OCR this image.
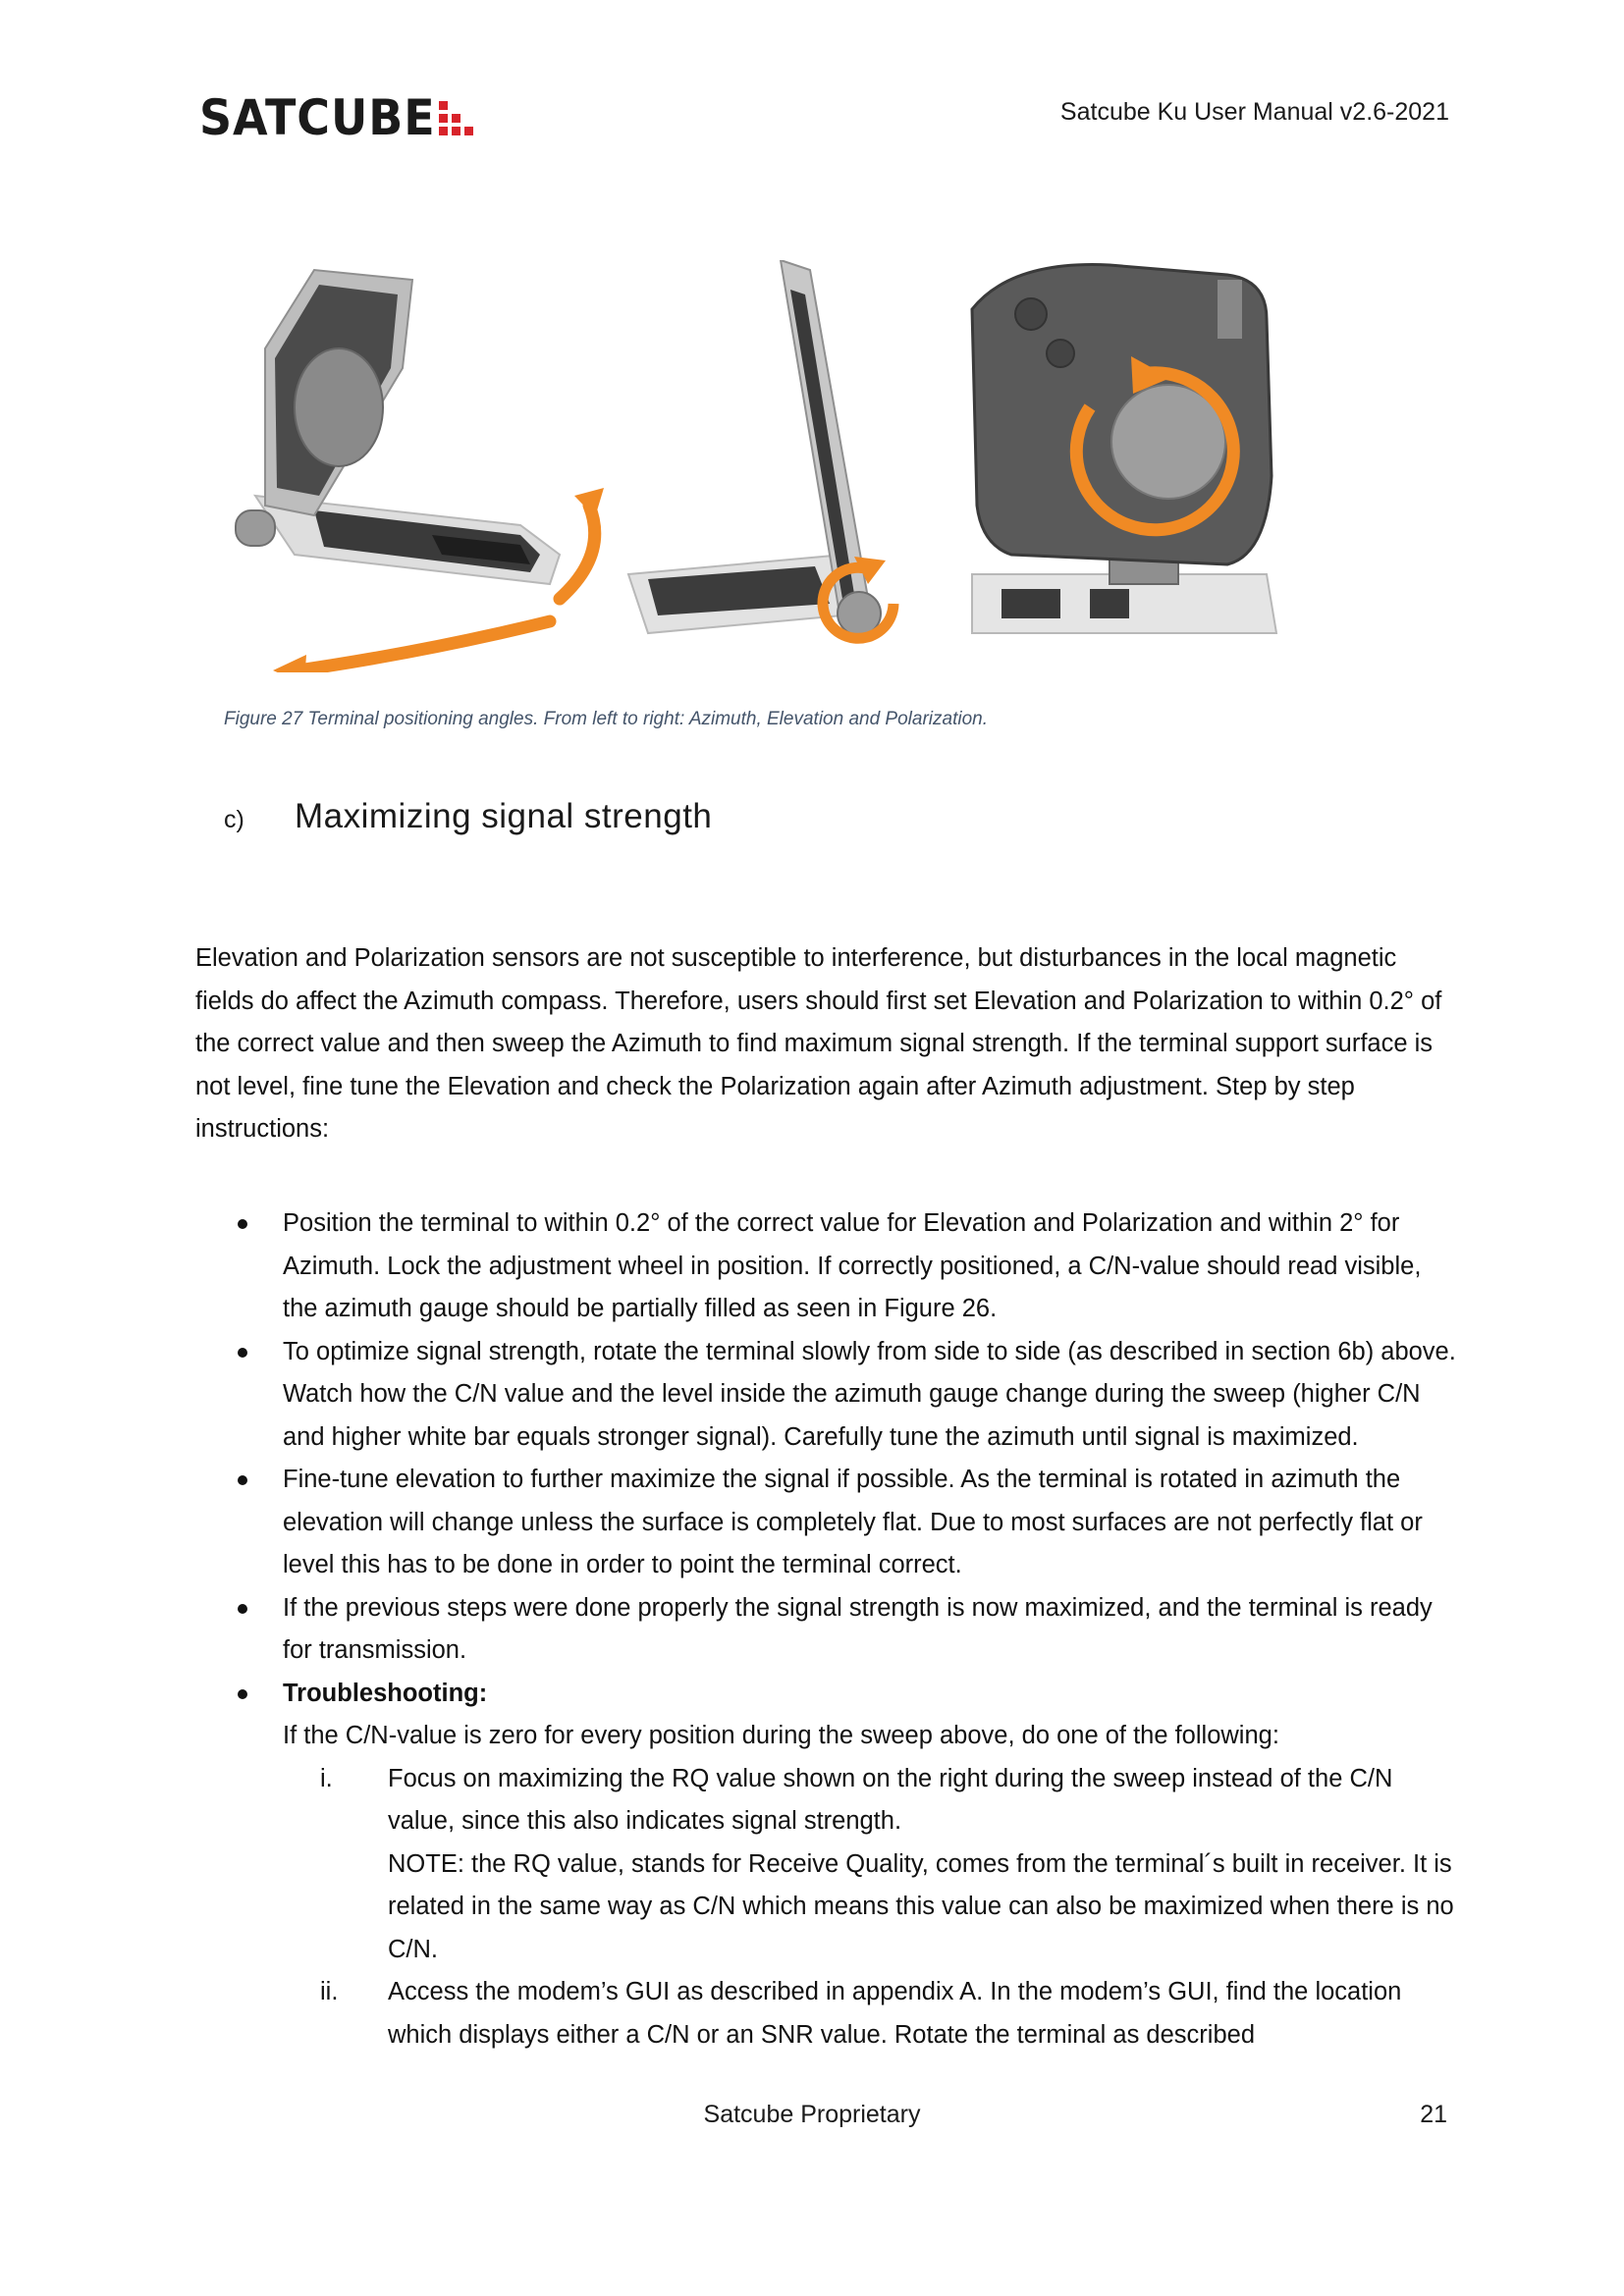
SATCUBE	Satcube Ku User Manual v2.6-2021
Figure 27 Terminal positioning angles. From left to right: Azimuth, Elevation and Polarization.
c)	Maximizing signal strength
Elevation and Polarization sensors are not susceptible to interference, but disturbances in the local magnetic fields do affect the Azimuth compass. Therefore, users should first set Elevation and Polarization to within 0.2° of the correct value and then sweep the Azimuth to find maximum signal strength. If the terminal support surface is not level, fine tune the Elevation and check the Polarization again after Azimuth adjustment. Step by step instructions:
Position the terminal to within 0.2° of the correct value for Elevation and Polarization and within 2° for Azimuth. Lock the adjustment wheel in position. If correctly positioned, a C/N-value should read visible, the azimuth gauge should be partially filled as seen in Figure 26.
To optimize signal strength, rotate the terminal slowly from side to side (as described in section 6b) above. Watch how the C/N value and the level inside the azimuth gauge change during the sweep (higher C/N and higher white bar equals stronger signal). Carefully tune the azimuth until signal is maximized.
Fine-tune elevation to further maximize the signal if possible. As the terminal is rotated in azimuth the elevation will change unless the surface is completely flat. Due to most surfaces are not perfectly flat or level this has to be done in order to point the terminal correct.
If the previous steps were done properly the signal strength is now maximized, and the terminal is ready for transmission.
Troubleshooting:
If the C/N-value is zero for every position during the sweep above, do one of the following:
i.	Focus on maximizing the RQ value shown on the right during the sweep instead of the C/N value, since this also indicates signal strength.
NOTE: the RQ value, stands for Receive Quality, comes from the terminal´s built in receiver. It is related in the same way as C/N which means this value can also be maximized when there is no C/N.
ii.	Access the modem’s GUI as described in appendix A. In the modem’s GUI, find the location which displays either a C/N or an SNR value. Rotate the terminal as described
Satcube Proprietary	21
